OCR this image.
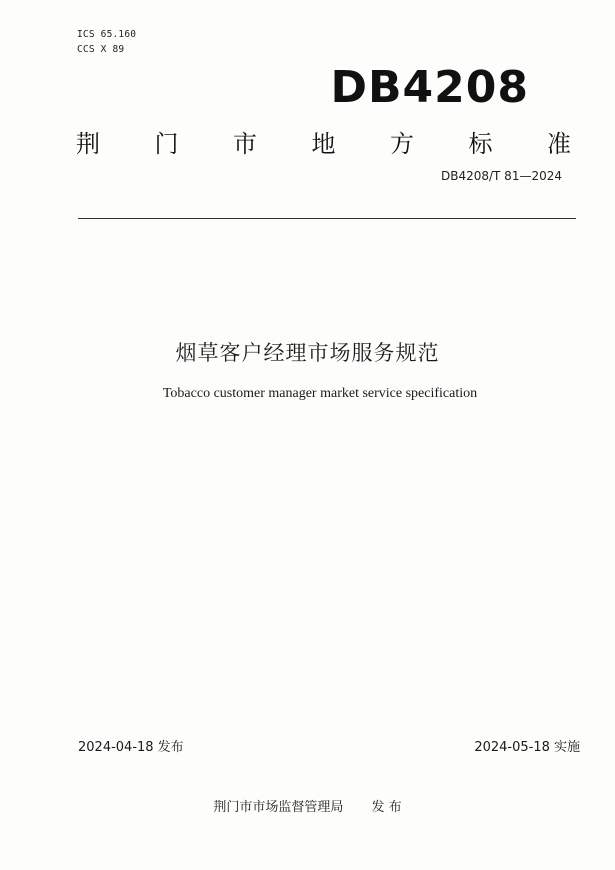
ICS 65.160
CCS X 89
DB4208
荆 门 市 地 方 标 准
DB4208/T 81—2024
烟草客户经理市场服务规范
Tobacco customer manager market service specification
2024-04-18 发布	2024-05-18 实施
荆门市市场监督管理局 发 布
